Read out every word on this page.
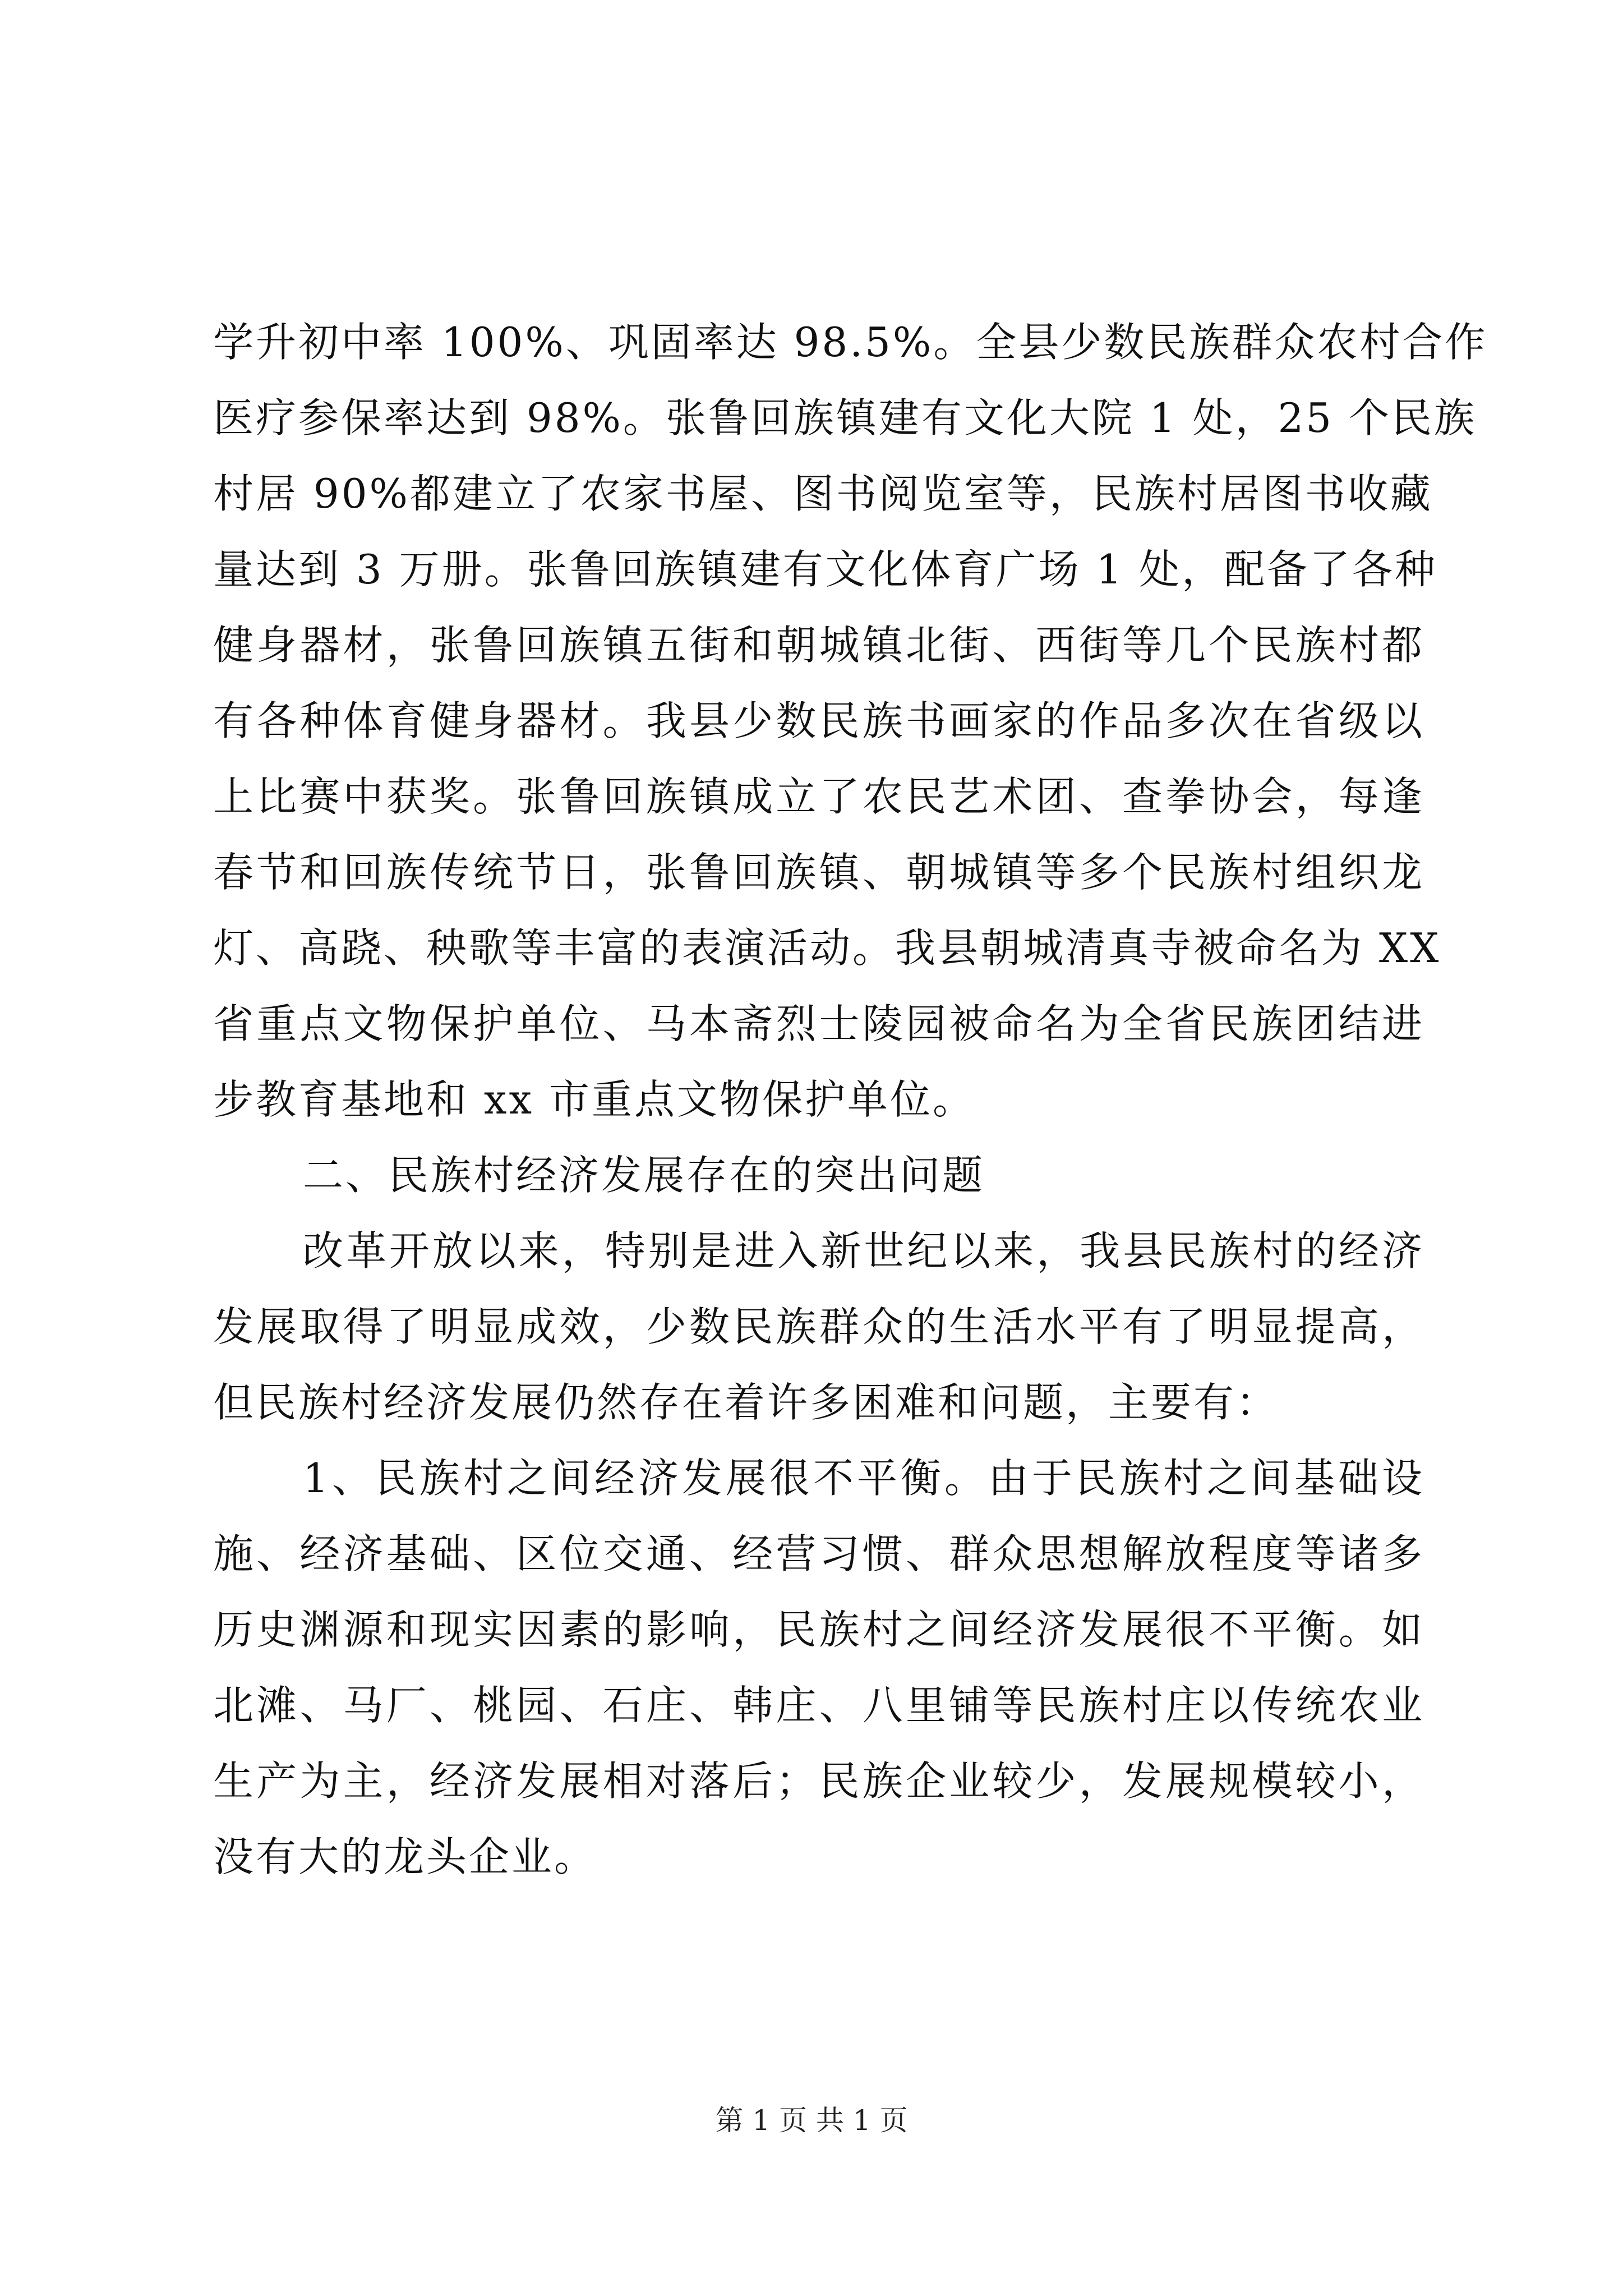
学升初中率 100%、巩固率达 98.5%。全县少数民族群众农村合作
医疗参保率达到 98%。张鲁回族镇建有文化大院 1 处，25 个民族
村居 90%都建立了农家书屋、图书阅览室等，民族村居图书收藏
量达到 3 万册。张鲁回族镇建有文化体育广场 1 处，配备了各种
健身器材，张鲁回族镇五街和朝城镇北街、西街等几个民族村都
有各种体育健身器材。我县少数民族书画家的作品多次在省级以
上比赛中获奖。张鲁回族镇成立了农民艺术团、查拳协会，每逢
春节和回族传统节日，张鲁回族镇、朝城镇等多个民族村组织龙
灯、高跷、秧歌等丰富的表演活动。我县朝城清真寺被命名为 XX
省重点文物保护单位、马本斋烈士陵园被命名为全省民族团结进
步教育基地和 xx 市重点文物保护单位。
二、民族村经济发展存在的突出问题
改革开放以来，特别是进入新世纪以来，我县民族村的经济
发展取得了明显成效，少数民族群众的生活水平有了明显提高，
但民族村经济发展仍然存在着许多困难和问题，主要有：
1、民族村之间经济发展很不平衡。由于民族村之间基础设
施、经济基础、区位交通、经营习惯、群众思想解放程度等诸多
历史渊源和现实因素的影响，民族村之间经济发展很不平衡。如
北滩、马厂、桃园、石庄、韩庄、八里铺等民族村庄以传统农业
生产为主，经济发展相对落后；民族企业较少，发展规模较小，
没有大的龙头企业。
第 1 页 共 1 页
